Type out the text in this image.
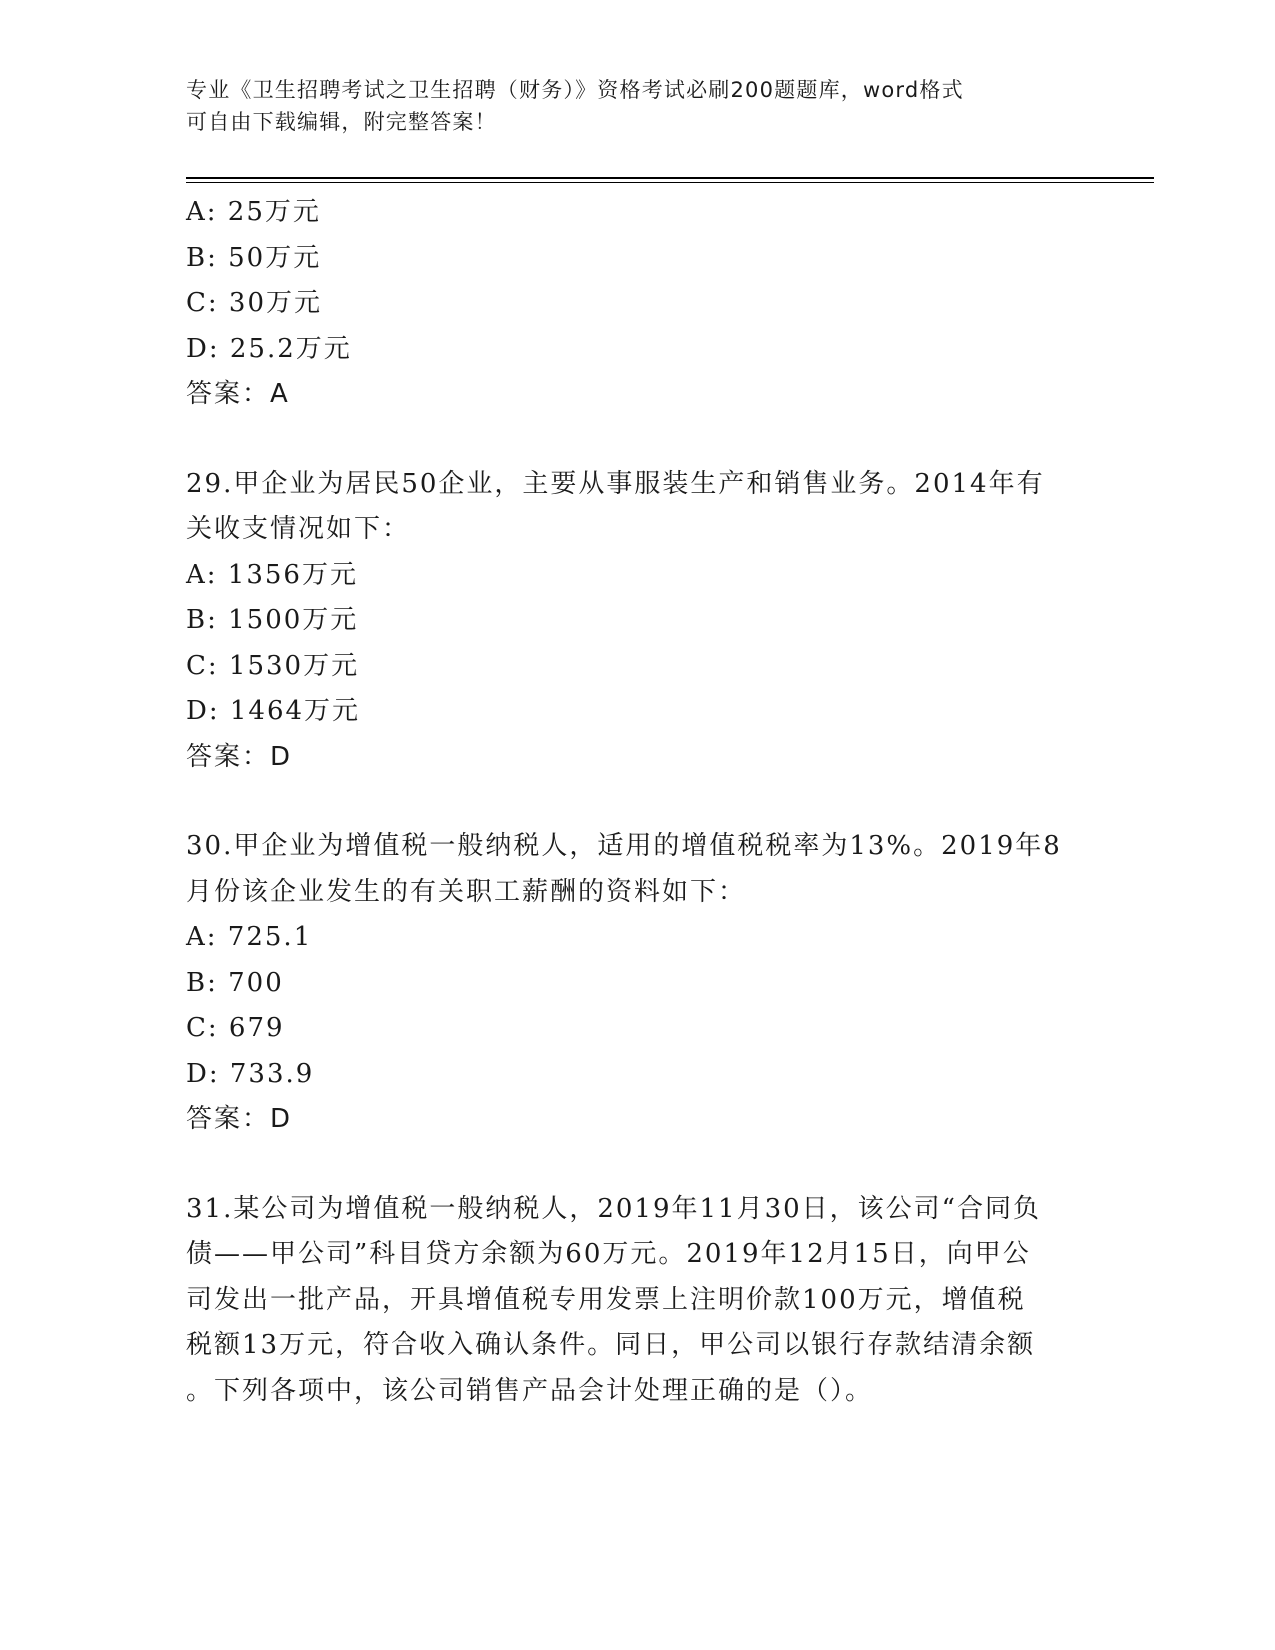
专业《卫生招聘考试之卫生招聘（财务）》资格考试必刷200题题库，word格式
可自由下载编辑，附完整答案！
A: 25万元
B: 50万元
C: 30万元
D: 25.2万元
答案：A
29.甲企业为居民50企业，主要从事服装生产和销售业务。2014年有
关收支情况如下：
A: 1356万元
B: 1500万元
C: 1530万元
D: 1464万元
答案：D
30.甲企业为增值税一般纳税人，适用的增值税税率为13%。2019年8
月份该企业发生的有关职工薪酬的资料如下：
A: 725.1
B: 700
C: 679
D: 733.9
答案：D
31.某公司为增值税一般纳税人，2019年11月30日，该公司“合同负
债——甲公司”科目贷方余额为60万元。2019年12月15日，向甲公
司发出一批产品，开具增值税专用发票上注明价款100万元，增值税
税额13万元，符合收入确认条件。同日，甲公司以银行存款结清余额
。下列各项中，该公司销售产品会计处理正确的是（）。
